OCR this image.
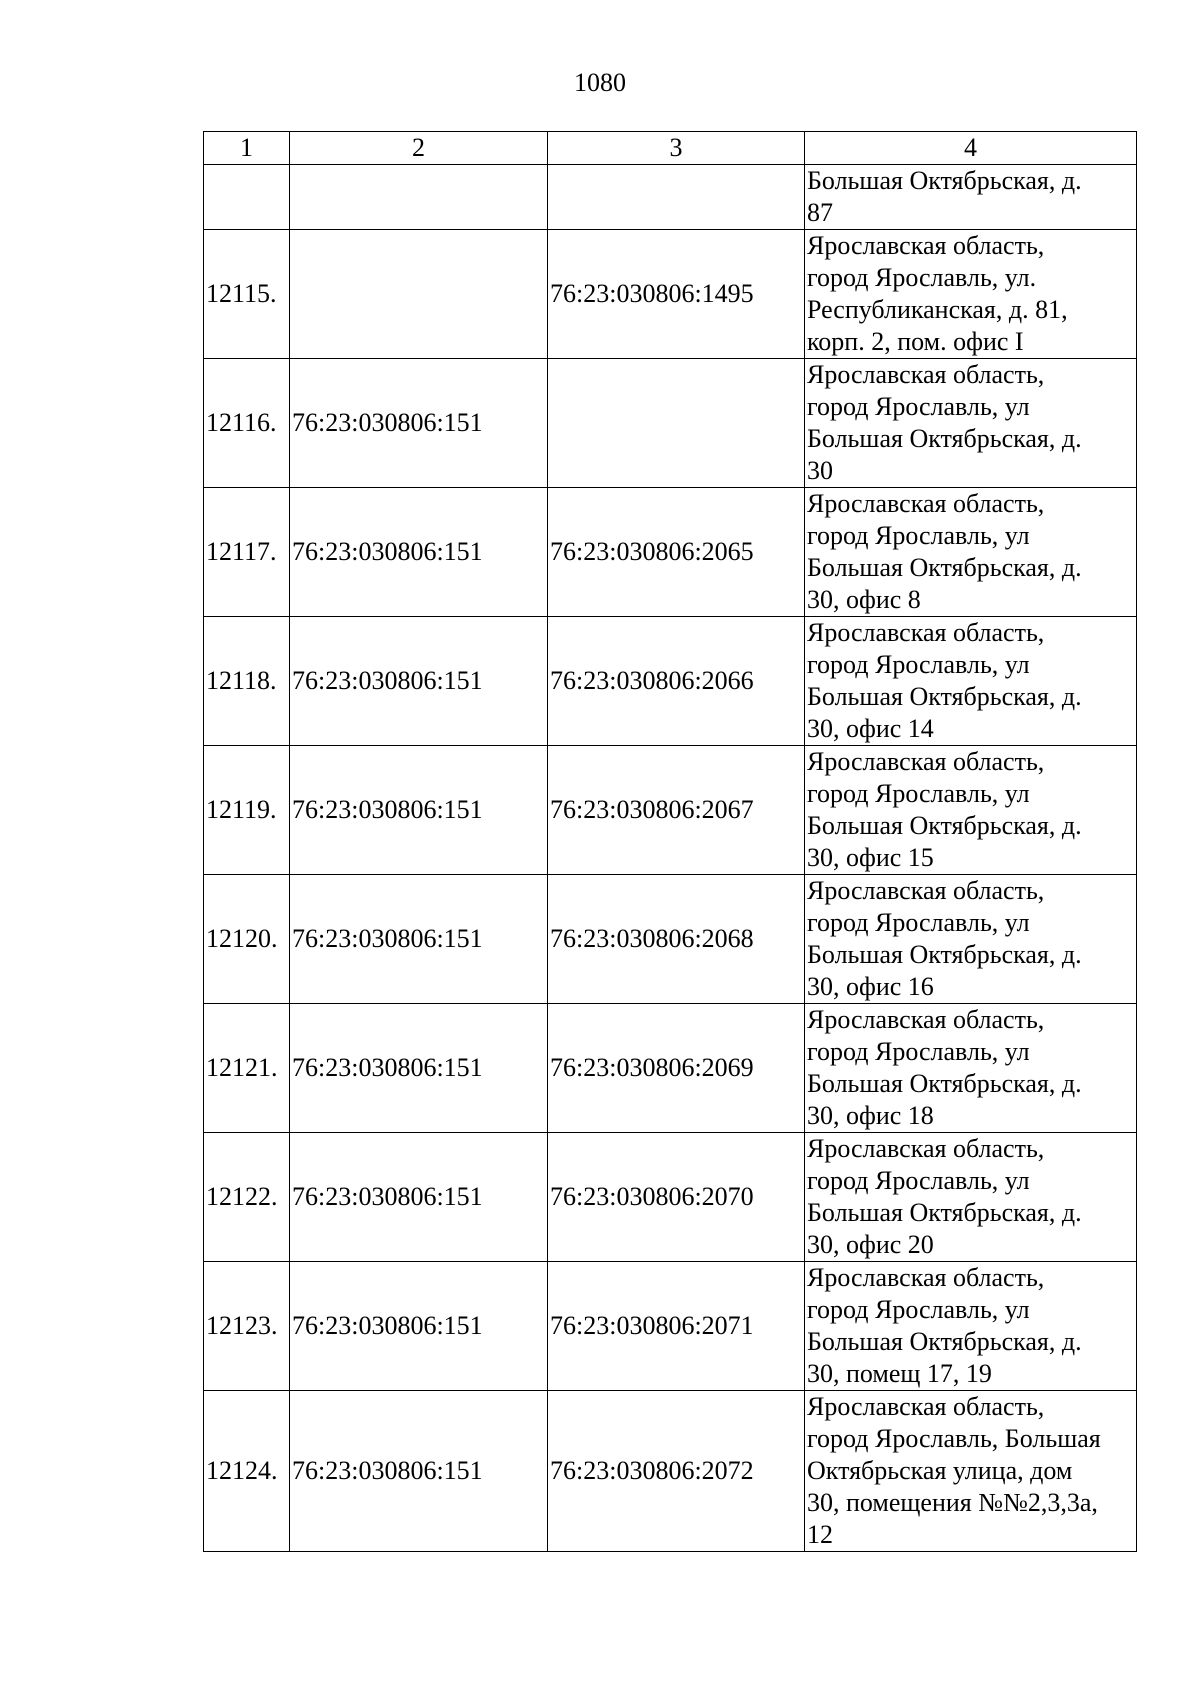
1080
1	2	3	4

			Большая Октябрьская, д.
87

12115.		76:23:030806:1495	Ярославская область,
город Ярославль, ул.
Республиканская, д. 81,
корп. 2, пом. офис I

12116.	76:23:030806:151		Ярославская область,
город Ярославль, ул
Большая Октябрьская, д.
30

12117.	76:23:030806:151	76:23:030806:2065	Ярославская область,
город Ярославль, ул
Большая Октябрьская, д.
30, офис 8

12118.	76:23:030806:151	76:23:030806:2066	Ярославская область,
город Ярославль, ул
Большая Октябрьская, д.
30, офис 14

12119.	76:23:030806:151	76:23:030806:2067	Ярославская область,
город Ярославль, ул
Большая Октябрьская, д.
30, офис 15

12120.	76:23:030806:151	76:23:030806:2068	Ярославская область,
город Ярославль, ул
Большая Октябрьская, д.
30, офис 16

12121.	76:23:030806:151	76:23:030806:2069	Ярославская область,
город Ярославль, ул
Большая Октябрьская, д.
30, офис 18

12122.	76:23:030806:151	76:23:030806:2070	Ярославская область,
город Ярославль, ул
Большая Октябрьская, д.
30, офис 20

12123.	76:23:030806:151	76:23:030806:2071	Ярославская область,
город Ярославль, ул
Большая Октябрьская, д.
30, помещ 17, 19

12124.	76:23:030806:151	76:23:030806:2072	Ярославская область,
город Ярославль, Большая
Октябрьская улица, дом
30, помещения №№2,3,3а,
12
